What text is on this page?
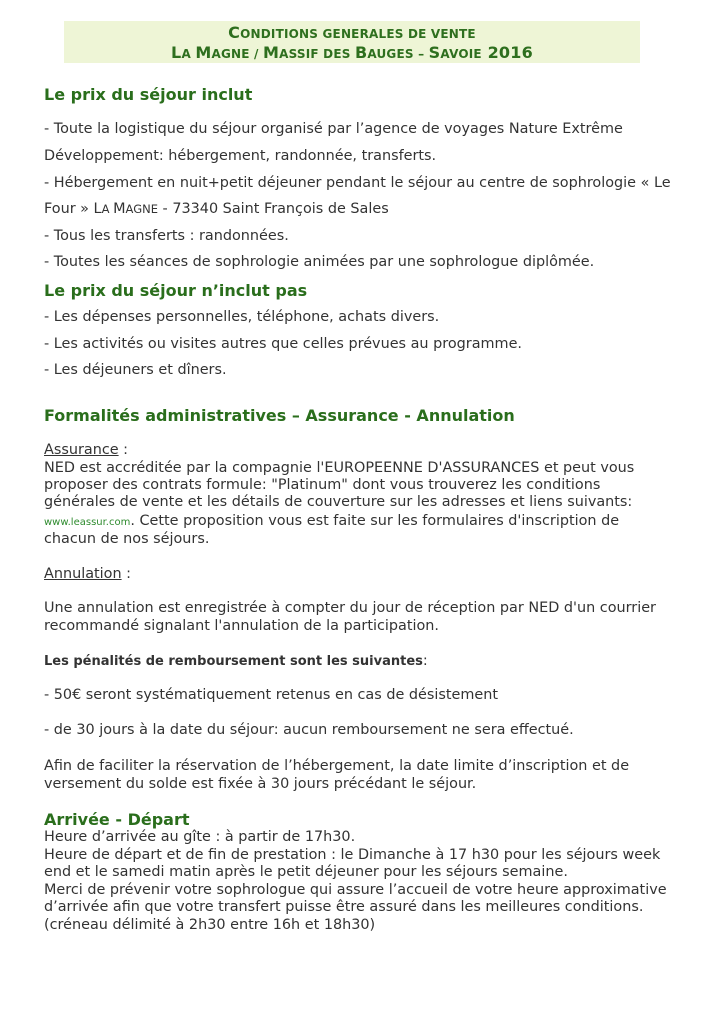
CONDITIONS GENERALES DE VENTE
LA MAGNE / MASSIF DES BAUGES – SAVOIE 2016
Le prix du séjour inclut
- Toute la logistique du séjour organisé par l’agence de voyages Nature Extrême
Développement: hébergement, randonnée, transferts.
- Hébergement en nuit+petit déjeuner pendant le séjour au centre de sophrologie « Le
Four » LA MAGNE - 73340 Saint François de Sales
- Tous les transferts : randonnées.
- Toutes les séances de sophrologie animées par une sophrologue diplômée.
Le prix du séjour n’inclut pas
- Les dépenses personnelles, téléphone, achats divers.
- Les activités ou visites autres que celles prévues au programme.
- Les déjeuners et dîners.
Formalités administratives – Assurance - Annulation
Assurance :
NED est accréditée par la compagnie l'EUROPEENNE D'ASSURANCES et peut vous
proposer des contrats formule: "Platinum" dont vous trouverez les conditions
générales de vente et les détails de couverture sur les adresses et liens suivants:
www.leassur.com. Cette proposition vous est faite sur les formulaires d'inscription de
chacun de nos séjours.
Annulation :
Une annulation est enregistrée à compter du jour de réception par NED d'un courrier
recommandé signalant l'annulation de la participation.
Les pénalités de remboursement sont les suivantes:
- 50€ seront systématiquement retenus en cas de désistement
- de 30 jours à la date du séjour: aucun remboursement ne sera effectué.
Afin de faciliter la réservation de l’hébergement, la date limite d’inscription et de
versement du solde est fixée à 30 jours précédant le séjour.
Arrivée - Départ
Heure d’arrivée au gîte : à partir de 17h30.
Heure de départ et de fin de prestation : le Dimanche à 17 h30 pour les séjours week
end et le samedi matin après le petit déjeuner pour les séjours semaine.
Merci de prévenir votre sophrologue qui assure l’accueil de votre heure approximative
d’arrivée afin que votre transfert puisse être assuré dans les meilleures conditions.
(créneau délimité à 2h30 entre 16h et 18h30)
